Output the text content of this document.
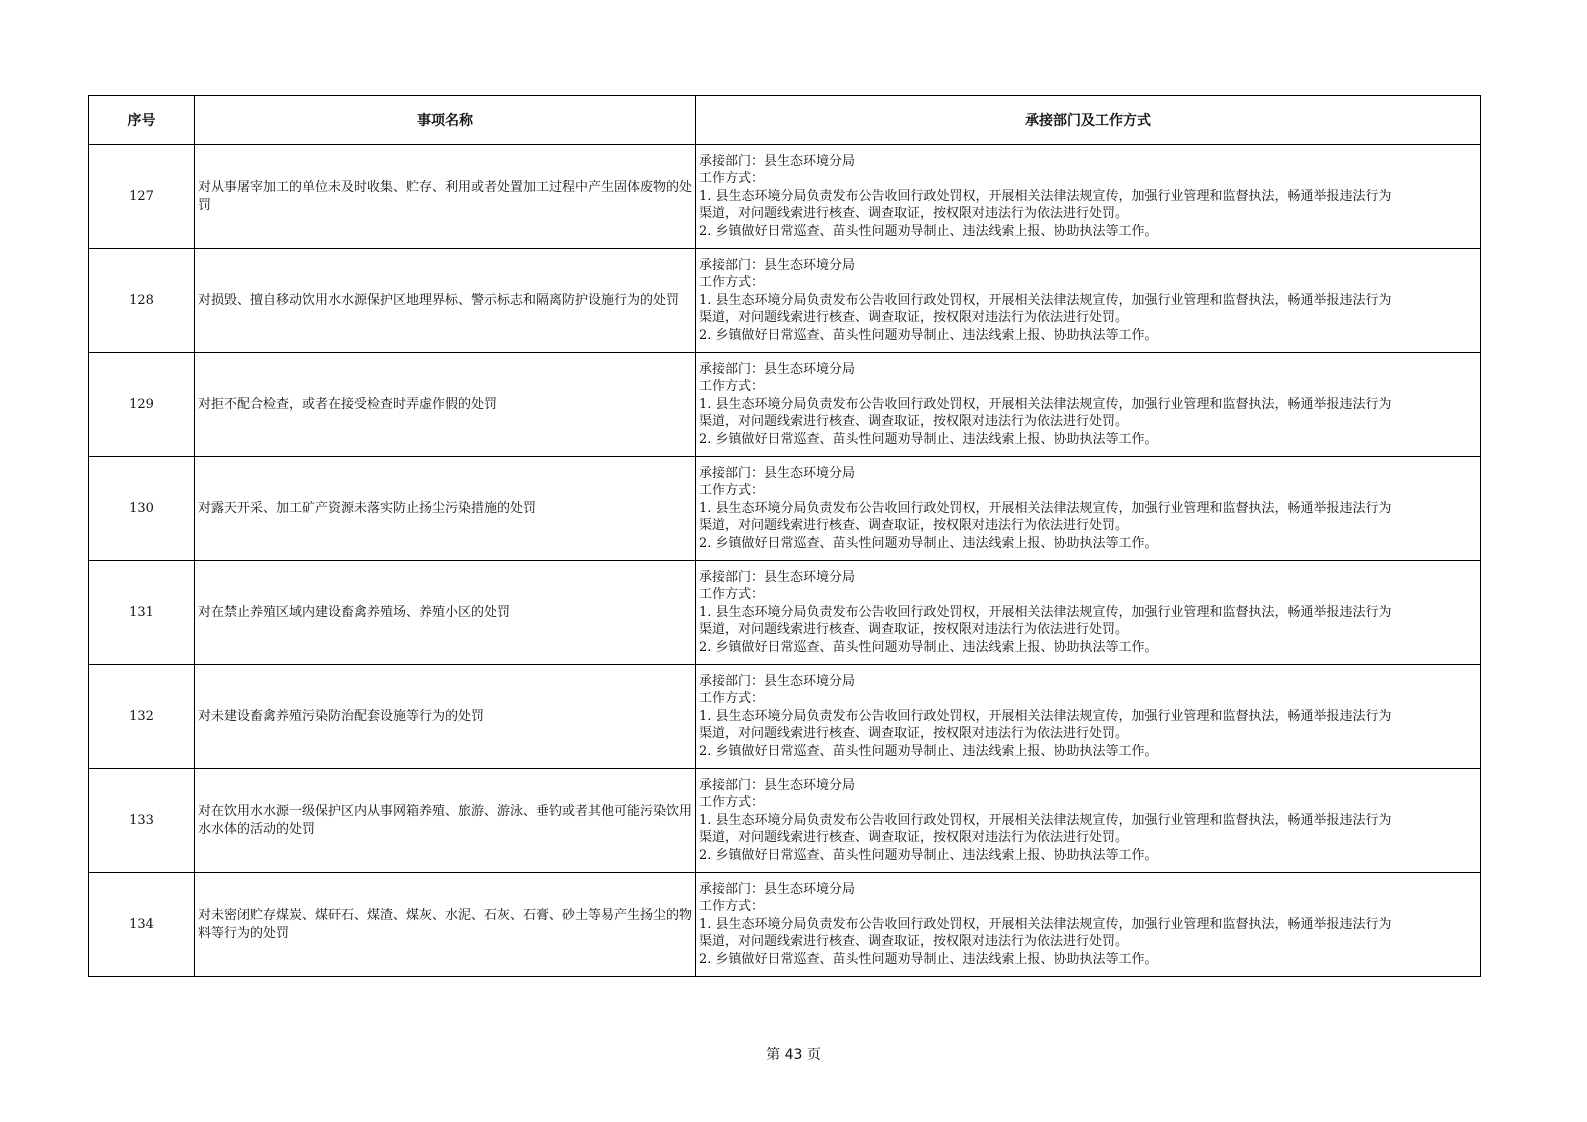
序号	事项名称	承接部门及工作方式
127	对从事屠宰加工的单位未及时收集、贮存、利用或者处置加工过程中产生固体废物的处罚	承接部门：县生态环境分局
工作方式：
1. 县生态环境分局负责发布公告收回行政处罚权，开展相关法律法规宣传，加强行业管理和监督执法，畅通举报违法行为
渠道，对问题线索进行核查、调查取证，按权限对违法行为依法进行处罚。
2. 乡镇做好日常巡查、苗头性问题劝导制止、违法线索上报、协助执法等工作。

128	对损毁、擅自移动饮用水水源保护区地理界标、警示标志和隔离防护设施行为的处罚	承接部门：县生态环境分局
工作方式：
1. 县生态环境分局负责发布公告收回行政处罚权，开展相关法律法规宣传，加强行业管理和监督执法，畅通举报违法行为
渠道，对问题线索进行核查、调查取证，按权限对违法行为依法进行处罚。
2. 乡镇做好日常巡查、苗头性问题劝导制止、违法线索上报、协助执法等工作。

129	对拒不配合检查，或者在接受检查时弄虚作假的处罚	承接部门：县生态环境分局
工作方式：
1. 县生态环境分局负责发布公告收回行政处罚权，开展相关法律法规宣传，加强行业管理和监督执法，畅通举报违法行为
渠道，对问题线索进行核查、调查取证，按权限对违法行为依法进行处罚。
2. 乡镇做好日常巡查、苗头性问题劝导制止、违法线索上报、协助执法等工作。

130	对露天开采、加工矿产资源未落实防止扬尘污染措施的处罚	承接部门：县生态环境分局
工作方式：
1. 县生态环境分局负责发布公告收回行政处罚权，开展相关法律法规宣传，加强行业管理和监督执法，畅通举报违法行为
渠道，对问题线索进行核查、调查取证，按权限对违法行为依法进行处罚。
2. 乡镇做好日常巡查、苗头性问题劝导制止、违法线索上报、协助执法等工作。

131	对在禁止养殖区域内建设畜禽养殖场、养殖小区的处罚	承接部门：县生态环境分局
工作方式：
1. 县生态环境分局负责发布公告收回行政处罚权，开展相关法律法规宣传，加强行业管理和监督执法，畅通举报违法行为
渠道，对问题线索进行核查、调查取证，按权限对违法行为依法进行处罚。
2. 乡镇做好日常巡查、苗头性问题劝导制止、违法线索上报、协助执法等工作。

132	对未建设畜禽养殖污染防治配套设施等行为的处罚	承接部门：县生态环境分局
工作方式：
1. 县生态环境分局负责发布公告收回行政处罚权，开展相关法律法规宣传，加强行业管理和监督执法，畅通举报违法行为
渠道，对问题线索进行核查、调查取证，按权限对违法行为依法进行处罚。
2. 乡镇做好日常巡查、苗头性问题劝导制止、违法线索上报、协助执法等工作。

133	对在饮用水水源一级保护区内从事网箱养殖、旅游、游泳、垂钓或者其他可能污染饮用水水体的活动的处罚	承接部门：县生态环境分局
工作方式：
1. 县生态环境分局负责发布公告收回行政处罚权，开展相关法律法规宣传，加强行业管理和监督执法，畅通举报违法行为
渠道，对问题线索进行核查、调查取证，按权限对违法行为依法进行处罚。
2. 乡镇做好日常巡查、苗头性问题劝导制止、违法线索上报、协助执法等工作。

134	对未密闭贮存煤炭、煤矸石、煤渣、煤灰、水泥、石灰、石膏、砂土等易产生扬尘的物料等行为的处罚	承接部门：县生态环境分局
工作方式：
1. 县生态环境分局负责发布公告收回行政处罚权，开展相关法律法规宣传，加强行业管理和监督执法，畅通举报违法行为
渠道，对问题线索进行核查、调查取证，按权限对违法行为依法进行处罚。
2. 乡镇做好日常巡查、苗头性问题劝导制止、违法线索上报、协助执法等工作。
第 43 页
